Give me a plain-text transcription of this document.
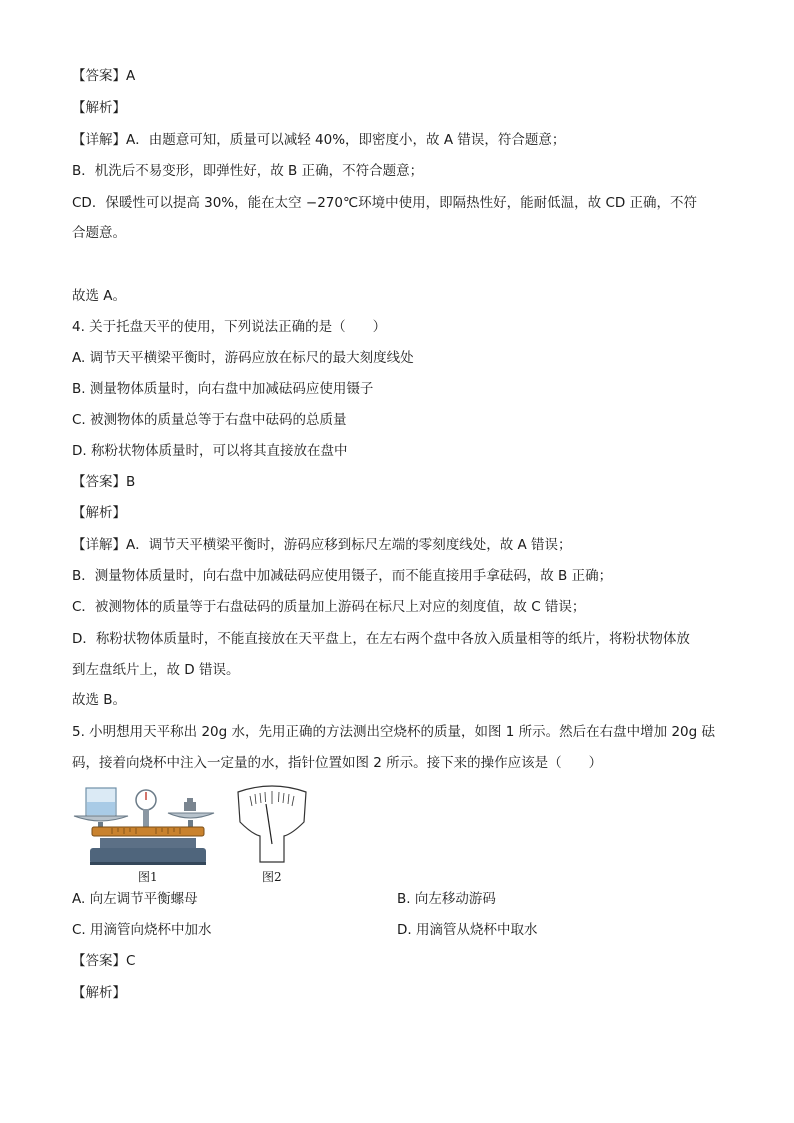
【答案】A
【解析】
【详解】A．由题意可知，质量可以减轻 40%，即密度小，故 A 错误，符合题意；
B．机洗后不易变形，即弹性好，故 B 正确，不符合题意；
CD．保暖性可以提高 30%，能在太空 −270℃环境中使用，即隔热性好，能耐低温，故 CD 正确，不符
合题意。
故选 A。
4. 关于托盘天平的使用，下列说法正确的是（　　）
A. 调节天平横梁平衡时，游码应放在标尺的最大刻度线处
B. 测量物体质量时，向右盘中加减砝码应使用镊子
C. 被测物体的质量总等于右盘中砝码的总质量
D. 称粉状物体质量时，可以将其直接放在盘中
【答案】B
【解析】
【详解】A．调节天平横梁平衡时，游码应移到标尺左端的零刻度线处，故 A 错误；
B．测量物体质量时，向右盘中加减砝码应使用镊子，而不能直接用手拿砝码，故 B 正确；
C．被测物体的质量等于右盘砝码的质量加上游码在标尺上对应的刻度值，故 C 错误；
D．称粉状物体质量时，不能直接放在天平盘上，在左右两个盘中各放入质量相等的纸片，将粉状物体放
到左盘纸片上，故 D 错误。
故选 B。
5. 小明想用天平称出 20g 水，先用正确的方法测出空烧杯的质量，如图 1 所示。然后在右盘中增加 20g 砝
码，接着向烧杯中注入一定量的水，指针位置如图 2 所示。接下来的操作应该是（　　）
图1	图2
A. 向左调节平衡螺母	B. 向左移动游码
C. 用滴管向烧杯中加水	D. 用滴管从烧杯中取水
【答案】C
【解析】
